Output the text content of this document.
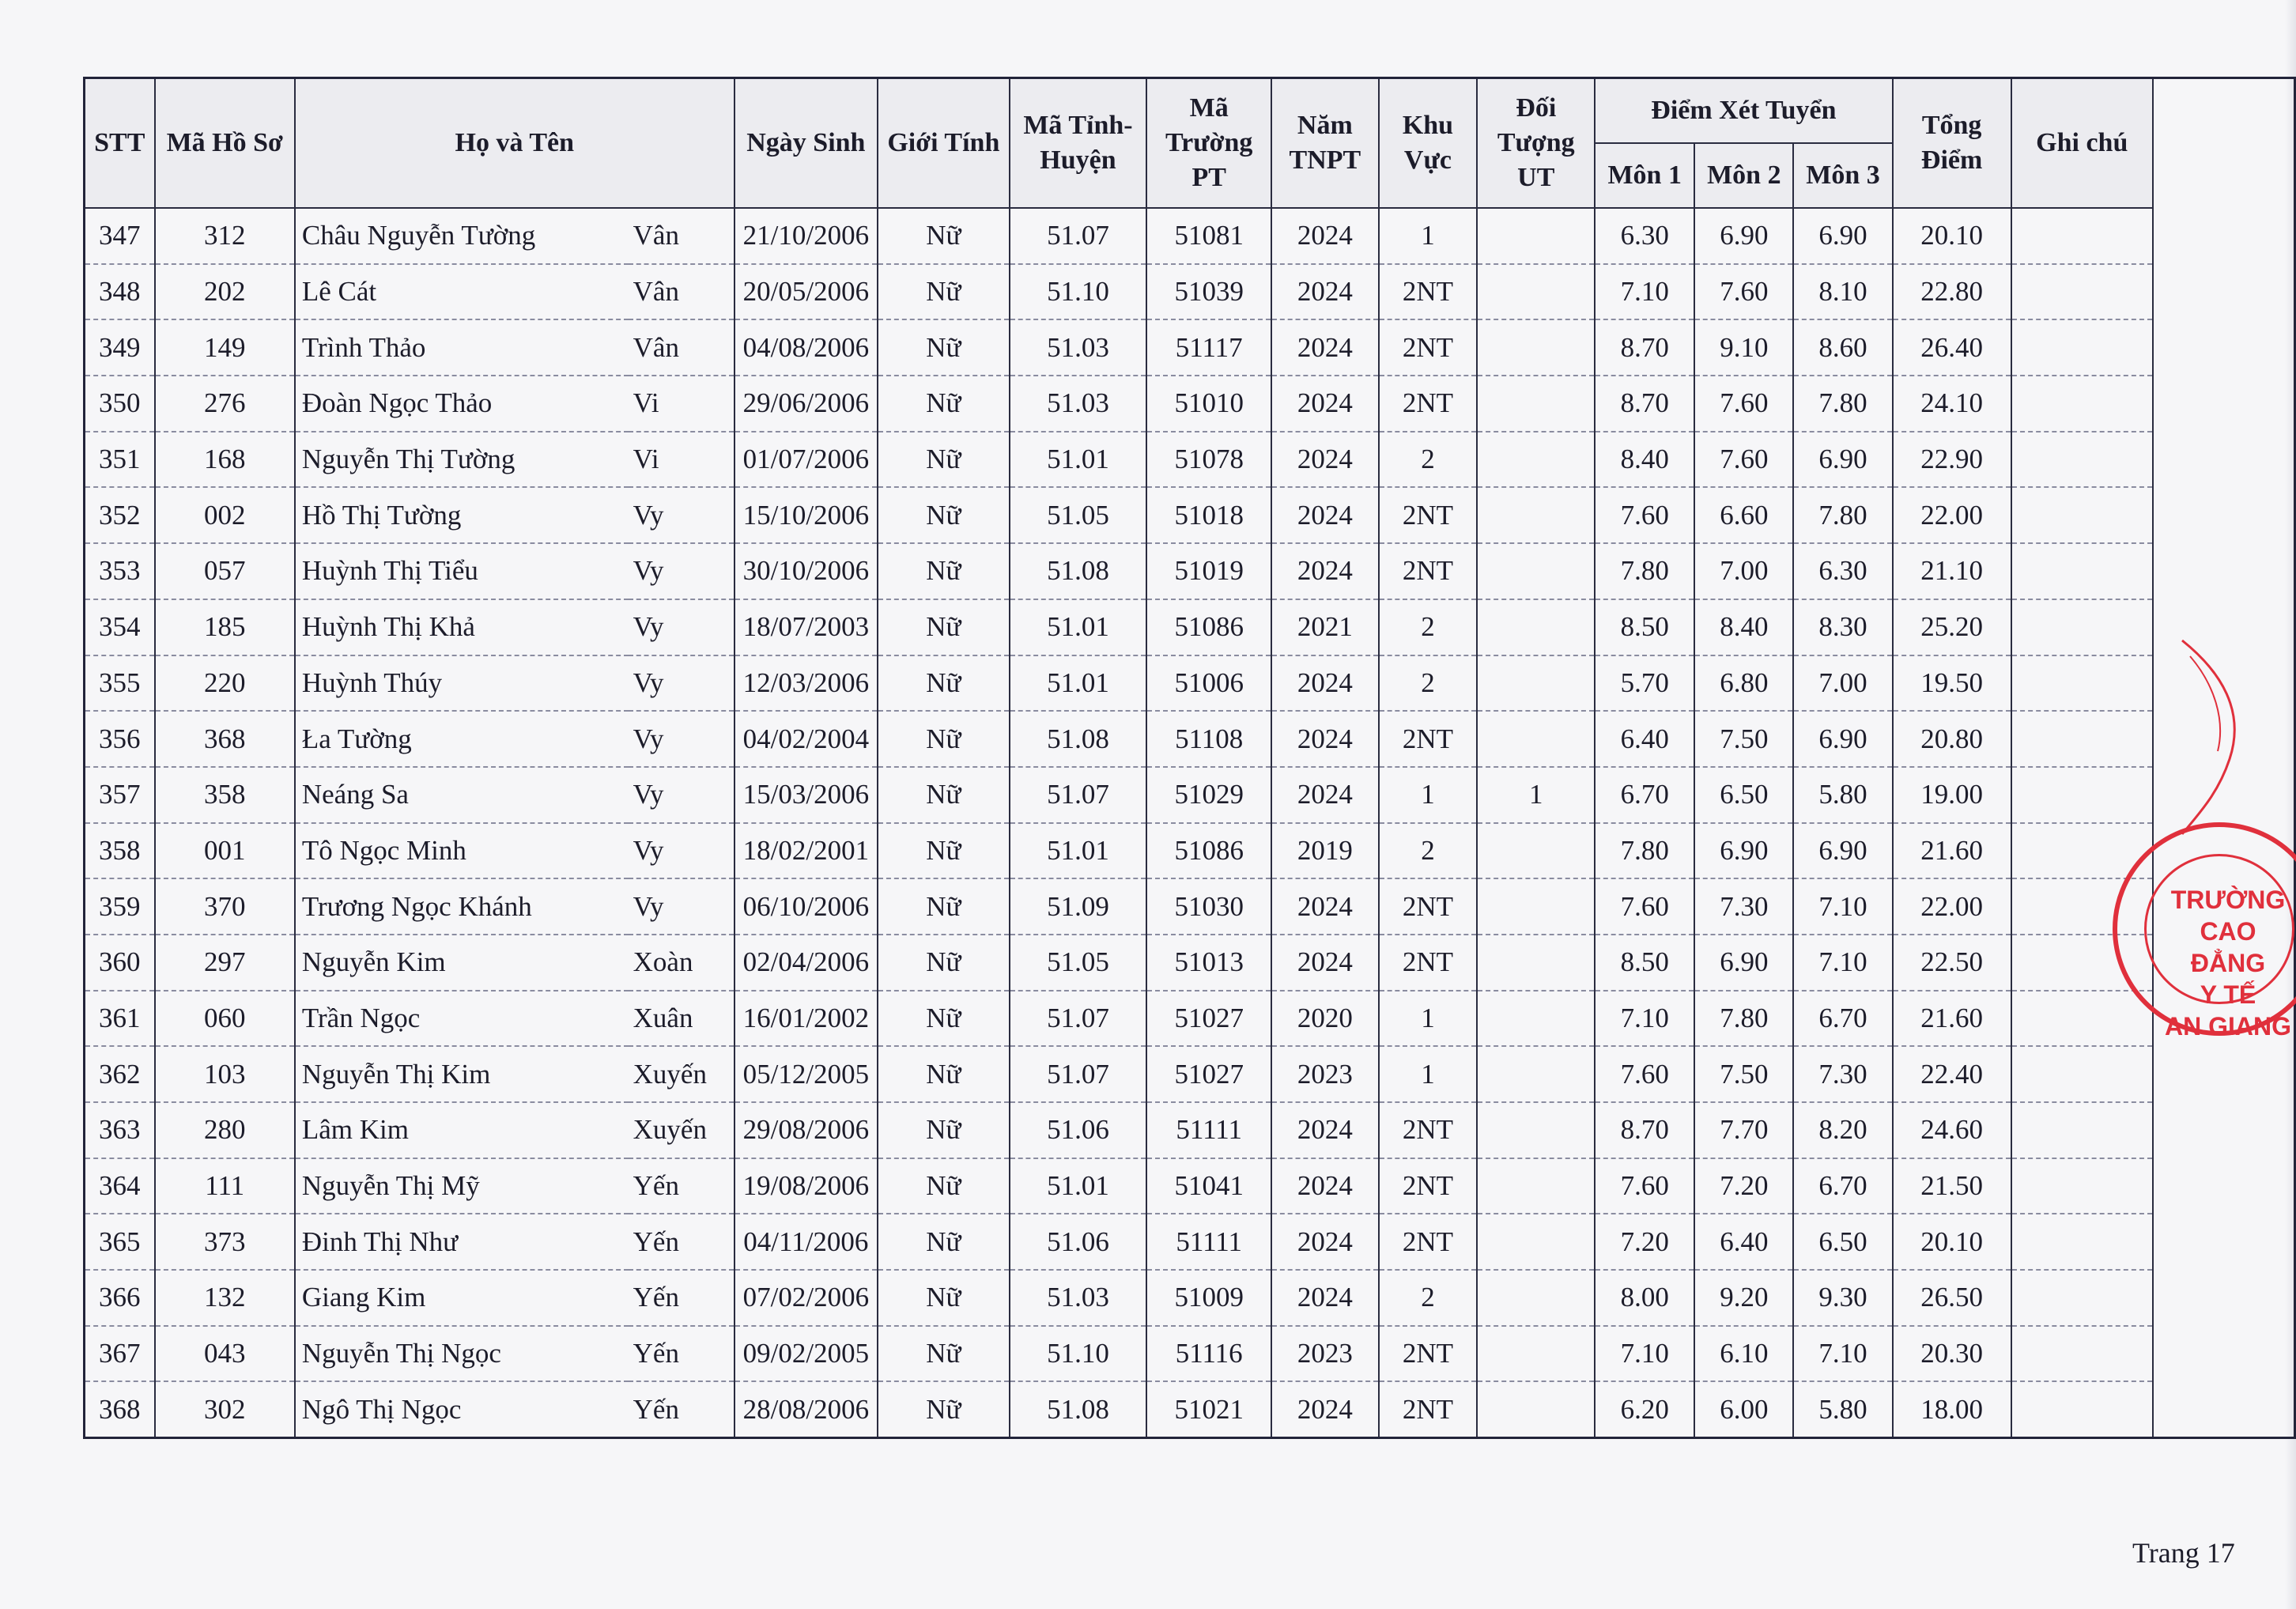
STT	Mã Hồ Sơ	Họ và Tên		Ngày Sinh	Giới Tính	Mã Tỉnh-Huyện	Mã Trường PT	Năm TNPT	Khu Vực	Đối Tượng UT	Điểm Xét Tuyển			Tổng Điểm	Ghi chú
											Môn 1	Môn 2	Môn 3		
347	312	Châu Nguyễn Tường	Vân	21/10/2006	Nữ	51.07	51081	2024	1		6.30	6.90	6.90	20.10	
348	202	Lê Cát	Vân	20/05/2006	Nữ	51.10	51039	2024	2NT		7.10	7.60	8.10	22.80	
349	149	Trình Thảo	Vân	04/08/2006	Nữ	51.03	51117	2024	2NT		8.70	9.10	8.60	26.40	
350	276	Đoàn Ngọc Thảo	Vi	29/06/2006	Nữ	51.03	51010	2024	2NT		8.70	7.60	7.80	24.10	
351	168	Nguyễn Thị Tường	Vi	01/07/2006	Nữ	51.01	51078	2024	2		8.40	7.60	6.90	22.90	
352	002	Hồ Thị Tường	Vy	15/10/2006	Nữ	51.05	51018	2024	2NT		7.60	6.60	7.80	22.00	
353	057	Huỳnh Thị Tiểu	Vy	30/10/2006	Nữ	51.08	51019	2024	2NT		7.80	7.00	6.30	21.10	
354	185	Huỳnh Thị Khả	Vy	18/07/2003	Nữ	51.01	51086	2021	2		8.50	8.40	8.30	25.20	
355	220	Huỳnh Thúy	Vy	12/03/2006	Nữ	51.01	51006	2024	2		5.70	6.80	7.00	19.50	
356	368	Ła Tường	Vy	04/02/2004	Nữ	51.08	51108	2024	2NT		6.40	7.50	6.90	20.80	
357	358	Neáng Sa	Vy	15/03/2006	Nữ	51.07	51029	2024	1	1	6.70	6.50	5.80	19.00	
358	001	Tô Ngọc Minh	Vy	18/02/2001	Nữ	51.01	51086	2019	2		7.80	6.90	6.90	21.60	
359	370	Trương Ngọc Khánh	Vy	06/10/2006	Nữ	51.09	51030	2024	2NT		7.60	7.30	7.10	22.00	
360	297	Nguyễn Kim	Xoàn	02/04/2006	Nữ	51.05	51013	2024	2NT		8.50	6.90	7.10	22.50	
361	060	Trần Ngọc	Xuân	16/01/2002	Nữ	51.07	51027	2020	1		7.10	7.80	6.70	21.60	
362	103	Nguyễn Thị Kim	Xuyến	05/12/2005	Nữ	51.07	51027	2023	1		7.60	7.50	7.30	22.40	
363	280	Lâm Kim	Xuyến	29/08/2006	Nữ	51.06	51111	2024	2NT		8.70	7.70	8.20	24.60	
364	111	Nguyễn Thị Mỹ	Yến	19/08/2006	Nữ	51.01	51041	2024	2NT		7.60	7.20	6.70	21.50	
365	373	Đinh Thị Như	Yến	04/11/2006	Nữ	51.06	51111	2024	2NT		7.20	6.40	6.50	20.10	
366	132	Giang Kim	Yến	07/02/2006	Nữ	51.03	51009	2024	2		8.00	9.20	9.30	26.50	
367	043	Nguyễn Thị Ngọc	Yến	09/02/2005	Nữ	51.10	51116	2023	2NT		7.10	6.10	7.10	20.30	
368	302	Ngô Thị Ngọc	Yến	28/08/2006	Nữ	51.08	51021	2024	2NT		6.20	6.00	5.80	18.00	
TRƯỜNG
CAO ĐẲNG
Y TẾ
AN GIANG
Trang 17
